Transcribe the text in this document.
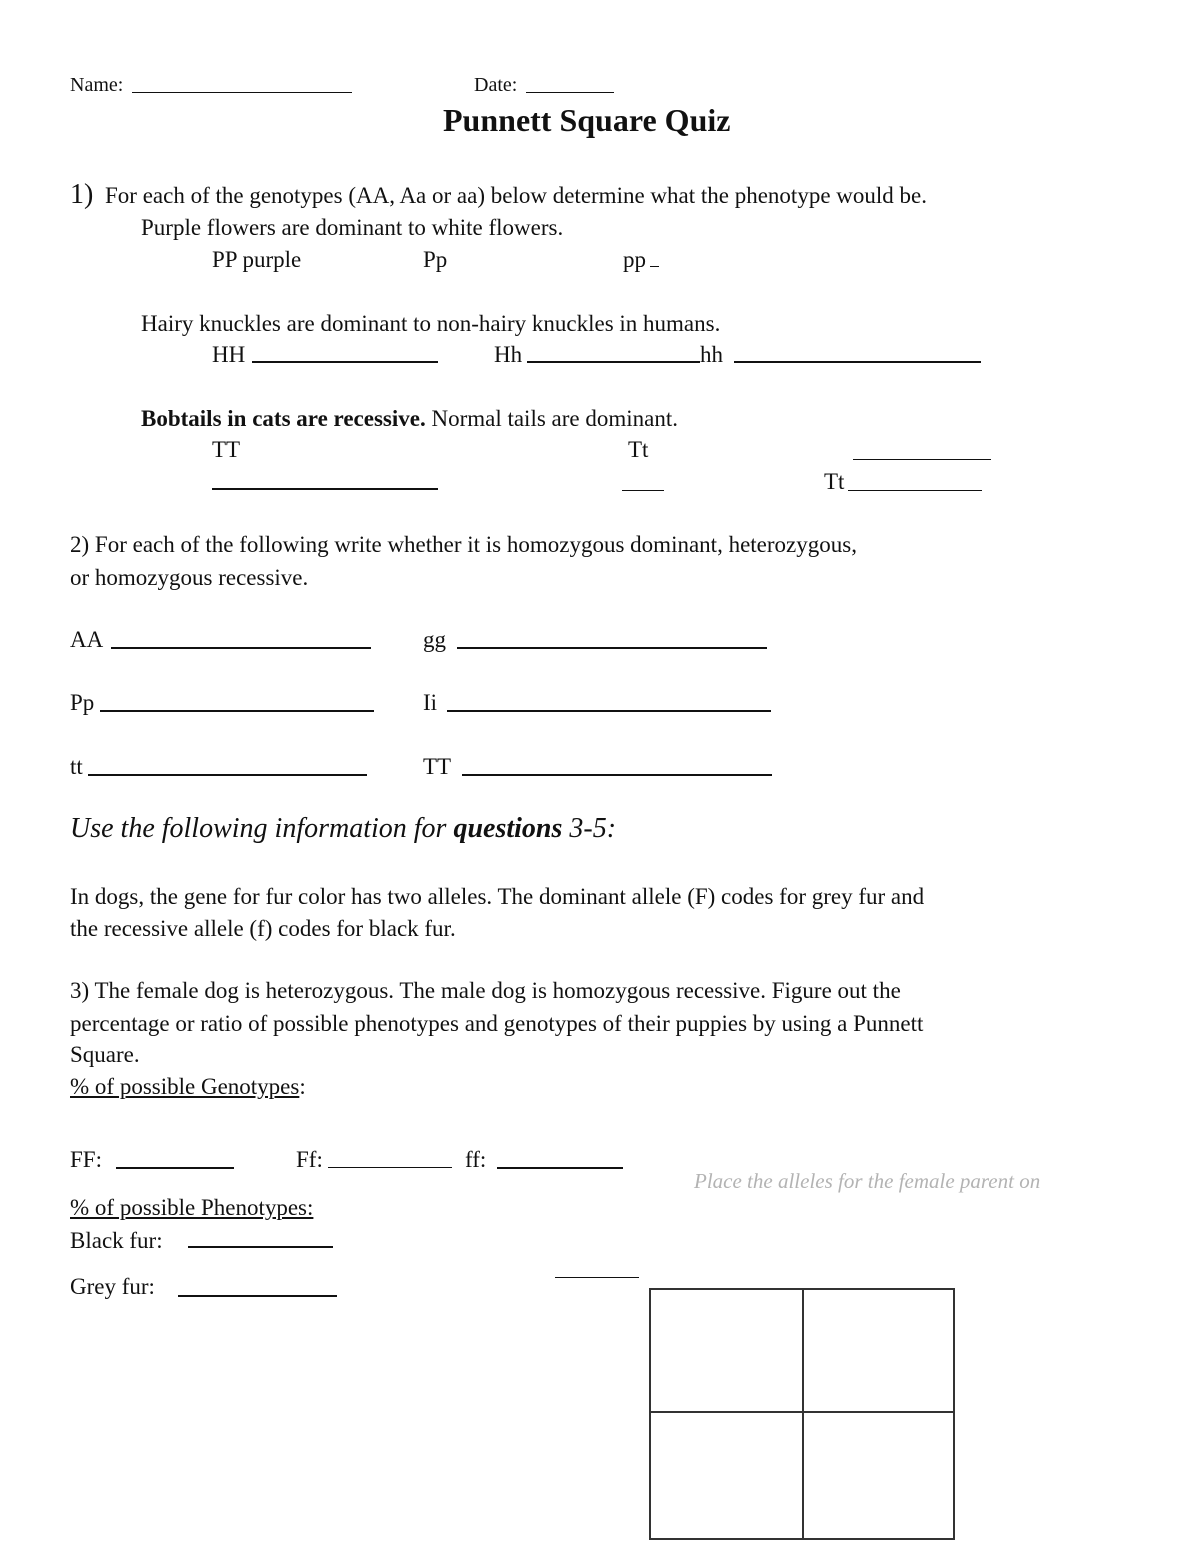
Name:	Date:
Punnett Square Quiz
1) For each of the genotypes (AA, Aa or aa) below determine what the phenotype would be.
Purple flowers are dominant to white flowers.
PP purple	Pp	pp
Hairy knuckles are dominant to non-hairy knuckles in humans.
HH	Hh	hh
Bobtails in cats are recessive. Normal tails are dominant.
TT	Tt
Tt
2) For each of the following write whether it is homozygous dominant, heterozygous,
or homozygous recessive.
AA	gg
Pp	Ii
tt	TT
Use the following information for questions 3-5:
In dogs, the gene for fur color has two alleles. The dominant allele (F) codes for grey fur and
the recessive allele (f) codes for black fur.
3) The female dog is heterozygous. The male dog is homozygous recessive. Figure out the
percentage or ratio of possible phenotypes and genotypes of their puppies by using a Punnett
Square.
% of possible Genotypes:
FF:	Ff:	ff:
Place the alleles for the female parent on
% of possible Phenotypes:
Black fur:
Grey fur:
